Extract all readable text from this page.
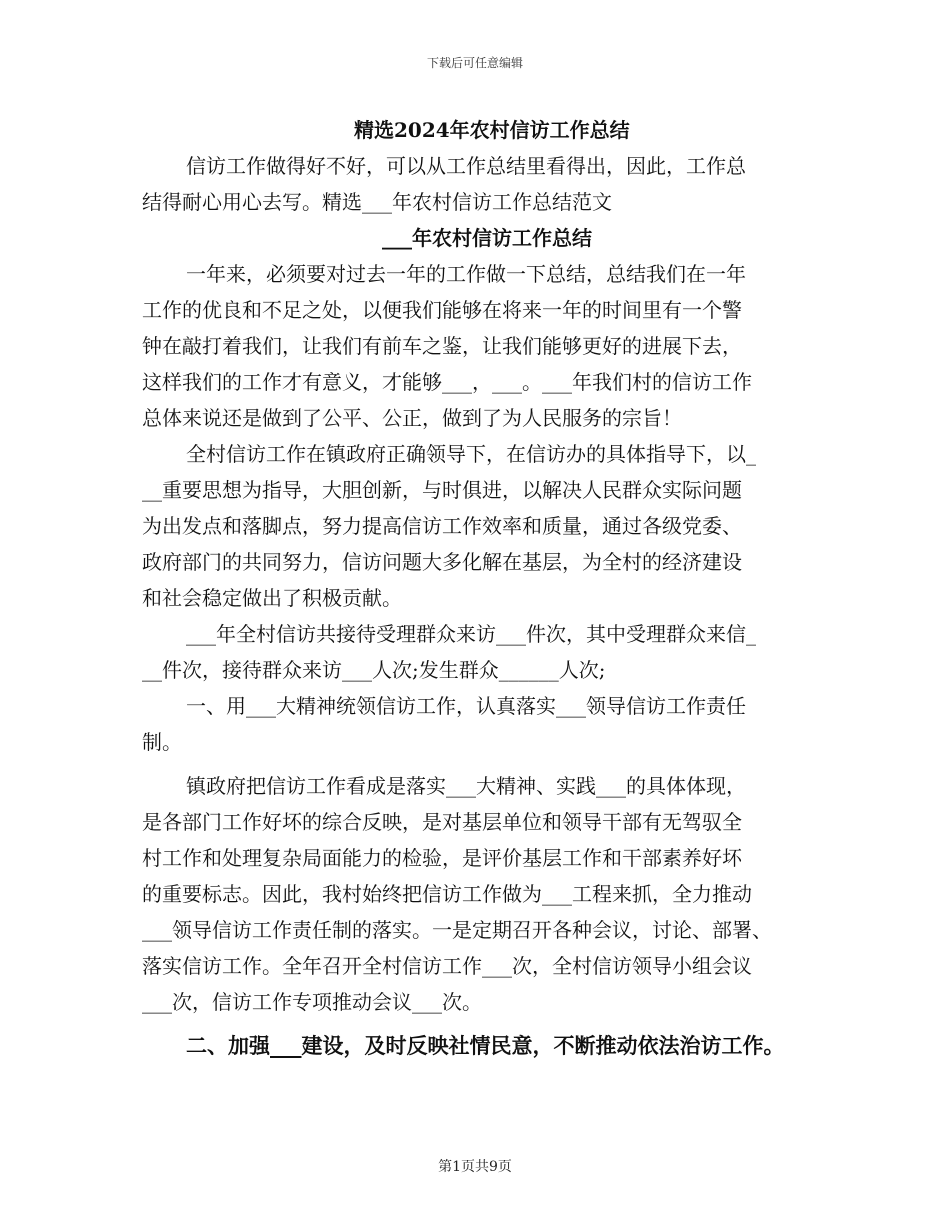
下载后可任意编辑
精选2024年农村信访工作总结
信访工作做得好不好，可以从工作总结里看得出，因此，工作总
结得耐心用心去写。精选___年农村信访工作总结范文
___年农村信访工作总结
一年来，必须要对过去一年的工作做一下总结，总结我们在一年
工作的优良和不足之处，以便我们能够在将来一年的时间里有一个警
钟在敲打着我们，让我们有前车之鉴，让我们能够更好的进展下去，
这样我们的工作才有意义，才能够___，___。___年我们村的信访工作
总体来说还是做到了公平、公正，做到了为人民服务的宗旨！
全村信访工作在镇政府正确领导下，在信访办的具体指导下，以_
__重要思想为指导，大胆创新，与时俱进，以解决人民群众实际问题
为出发点和落脚点，努力提高信访工作效率和质量，通过各级党委、
政府部门的共同努力，信访问题大多化解在基层，为全村的经济建设
和社会稳定做出了积极贡献。
___年全村信访共接待受理群众来访___件次，其中受理群众来信_
__件次，接待群众来访___人次;发生群众______人次;
一、用___大精神统领信访工作，认真落实___领导信访工作责任
制。
镇政府把信访工作看成是落实___大精神、实践___的具体体现，
是各部门工作好坏的综合反映，是对基层单位和领导干部有无驾驭全
村工作和处理复杂局面能力的检验，是评价基层工作和干部素养好坏
的重要标志。因此，我村始终把信访工作做为___工程来抓，全力推动
___领导信访工作责任制的落实。一是定期召开各种会议，讨论、部署、
落实信访工作。全年召开全村信访工作___次，全村信访领导小组会议
___次，信访工作专项推动会议___次。
二、加强___建设，及时反映社情民意，不断推动依法治访工作。
第1页共9页
